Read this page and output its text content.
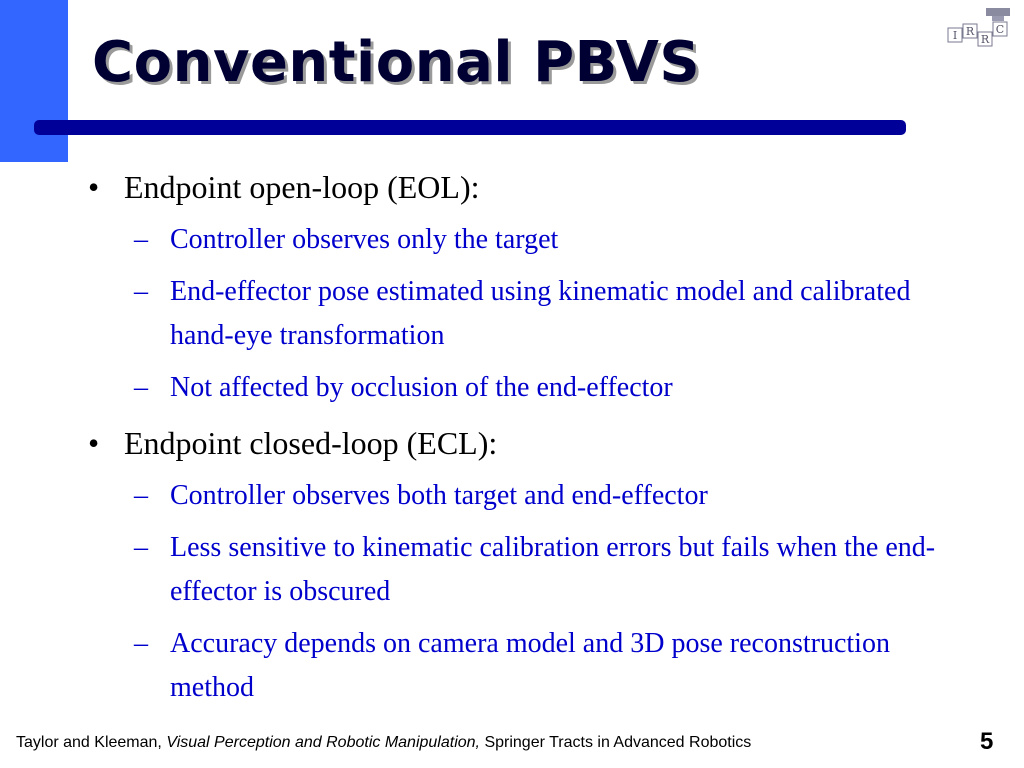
Conventional PBVS	I R
R
C
• Endpoint open-loop (EOL):
– Controller observes only the target
– End-effector pose estimated using kinematic model and calibrated hand-eye transformation
– Not affected by occlusion of the end-effector
• Endpoint closed-loop (ECL):
– Controller observes both target and end-effector
– Less sensitive to kinematic calibration errors but fails when the end-effector is obscured
– Accuracy depends on camera model and 3D pose reconstruction method
Taylor and Kleeman, Visual Perception and Robotic Manipulation, Springer Tracts in Advanced Robotics	5
